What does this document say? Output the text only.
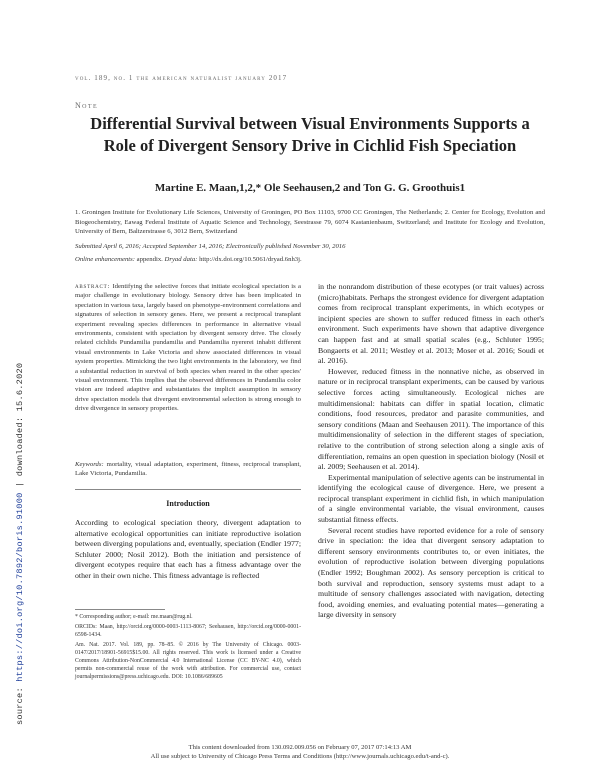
vol. 189, no. 1 the american naturalist january 2017
Note
Differential Survival between Visual Environments Supports a Role of Divergent Sensory Drive in Cichlid Fish Speciation
Martine E. Maan,1,2,* Ole Seehausen,2 and Ton G. G. Groothuis1
1. Groningen Institute for Evolutionary Life Sciences, University of Groningen, PO Box 11103, 9700 CC Groningen, The Netherlands; 2. Center for Ecology, Evolution and Biogeochemistry, Eawag Federal Institute of Aquatic Science and Technology, Seestrasse 79, 6074 Kastanienbaum, Switzerland; and Institute for Ecology and Evolution, University of Bern, Baltzerstrasse 6, 3012 Bern, Switzerland
Submitted April 6, 2016; Accepted September 14, 2016; Electronically published November 30, 2016
Online enhancements: appendix. Dryad data: http://dx.doi.org/10.5061/dryad.6nh3j.
abstract: Identifying the selective forces that initiate ecological speciation is a major challenge in evolutionary biology. Sensory drive has been implicated in speciation in various taxa, largely based on phenotype-environment correlations and signatures of selection in sensory genes. Here, we present a reciprocal transplant experiment revealing species differences in performance in alternative visual environments, consistent with speciation by divergent sensory drive. The closely related cichlids Pundamilia pundamilia and Pundamilia nyererei inhabit different visual environments in Lake Victoria and show associated differences in visual system properties. Mimicking the two light environments in the laboratory, we find a substantial reduction in survival of both species when reared in the other species' visual environment. This implies that the observed differences in Pundamilia color vision are indeed adaptive and substantiates the implicit assumption in sensory drive speciation models that divergent environmental selection is strong enough to drive divergence in sensory properties.
Keywords: mortality, visual adaptation, experiment, fitness, reciprocal transplant, Lake Victoria, Pundamilia.
Introduction
According to ecological speciation theory, divergent adaptation to alternative ecological opportunities can initiate reproductive isolation between diverging populations and, eventually, speciation (Endler 1977; Schluter 2000; Nosil 2012). Both the initiation and persistence of divergent ecotypes require that each has a fitness advantage over the other in their own niche. This fitness advantage is reflected

* Corresponding author; e-mail: me.maan@rug.nl.

ORCIDs: Maan, http://orcid.org/0000-0003-1113-8067; Seehausen, http://orcid.org/0000-0001-6598-1434.

Am. Nat. 2017. Vol. 189, pp. 78–85. © 2016 by The University of Chicago. 0003-0147/2017/18901-56915$15.00. All rights reserved. This work is licensed under a Creative Commons Attribution-NonCommercial 4.0 International License (CC BY-NC 4.0), which permits non-commercial reuse of the work with attribution. For commercial use, contact journalpermissions@press.uchicago.edu. DOI: 10.1086/689605

in the nonrandom distribution of these ecotypes (or trait values) across (micro)habitats. Perhaps the strongest evidence for divergent adaptation comes from reciprocal transplant experiments, in which ecotypes or incipient species are shown to suffer reduced fitness in each other's environment. Such experiments have shown that adaptive divergence can happen fast and at small spatial scales (e.g., Schluter 1995; Bongaerts et al. 2011; Westley et al. 2013; Moser et al. 2016; Soudi et al. 2016).

However, reduced fitness in the nonnative niche, as observed in nature or in reciprocal transplant experiments, can be caused by various selective forces acting simultaneously. Ecological niches are multidimensional: habitats can differ in spatial location, climatic conditions, food resources, predator and parasite communities, and sensory conditions (Maan and Seehausen 2011). The importance of this multidimensionality of selection in the different stages of speciation, relative to the contribution of strong selection along a single axis of differentiation, remains an open question in speciation biology (Nosil et al. 2009; Seehausen et al. 2014).

Experimental manipulation of selective agents can be instrumental in identifying the ecological cause of divergence. Here, we present a reciprocal transplant experiment in cichlid fish, in which manipulation of a single environmental variable, the visual environment, causes substantial fitness effects.

Several recent studies have reported evidence for a role of sensory drive in speciation: the idea that divergent sensory adaptation to different sensory environments contributes to, or even initiates, the evolution of reproductive isolation between diverging populations (Endler 1992; Boughman 2002). As sensory perception is critical to both survival and reproduction, sensory systems must adapt to a multitude of sensory challenges associated with navigation, detecting food, avoiding enemies, and evaluating potential mates—generating a large diversity in sensory

This content downloaded from 130.092.009.056 on February 07, 2017 07:14:13 AM
All use subject to University of Chicago Press Terms and Conditions (http://www.journals.uchicago.edu/t-and-c).
source: https://doi.org/10.7892/boris.91000 | downloaded: 15.6.2020
